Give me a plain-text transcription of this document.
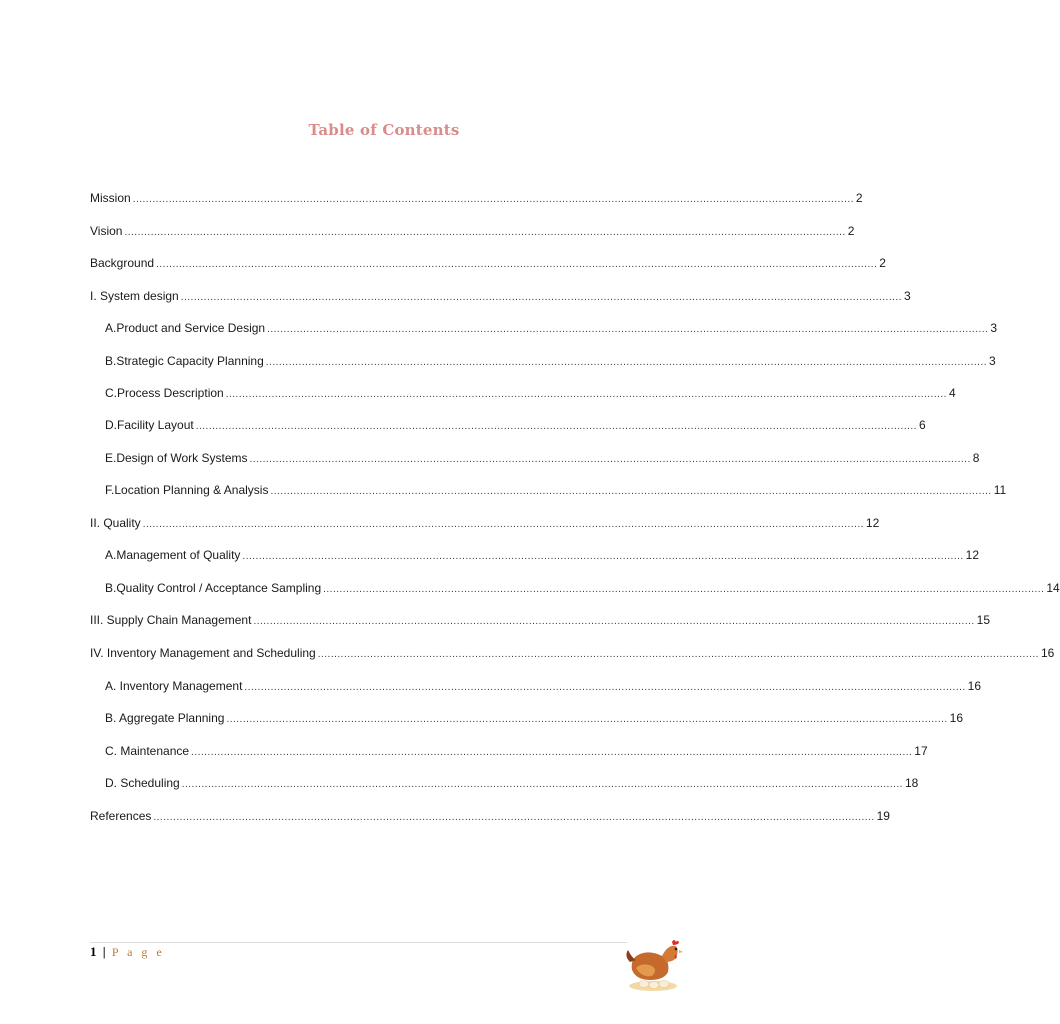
Table of Contents
Mission ............................................................................................................................................................................................................................ 2
Vision ............................................................................................................................................................................................................................ 2
Background ............................................................................................................................................................................................................................ 2
I. System design ............................................................................................................................................................................................................................ 3
A. Product and Service Design ............................................................................................................................................................................................................................ 3
B. Strategic Capacity Planning ............................................................................................................................................................................................................................ 3
C. Process Description ............................................................................................................................................................................................................................ 4
D. Facility Layout ............................................................................................................................................................................................................................ 6
E. Design of Work Systems ............................................................................................................................................................................................................................ 8
F. Location Planning & Analysis ............................................................................................................................................................................................................................ 11
II. Quality ............................................................................................................................................................................................................................ 12
A. Management of Quality ............................................................................................................................................................................................................................ 12
B. Quality Control / Acceptance Sampling ............................................................................................................................................................................................................................ 14
III. Supply Chain Management ............................................................................................................................................................................................................................ 15
IV. Inventory Management and Scheduling ............................................................................................................................................................................................................................ 16
A. Inventory Management ............................................................................................................................................................................................................................ 16
B. Aggregate Planning ............................................................................................................................................................................................................................ 16
C. Maintenance ............................................................................................................................................................................................................................ 17
D. Scheduling ............................................................................................................................................................................................................................ 18
References ............................................................................................................................................................................................................................ 19
1 | P a g e
